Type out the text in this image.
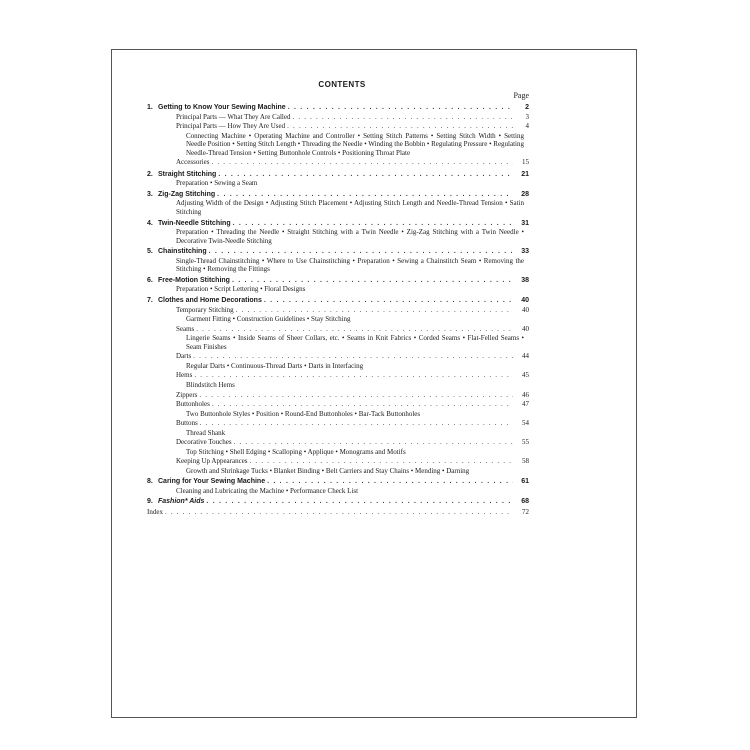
CONTENTS
Page
1. Getting to Know Your Sewing Machine . . .	2
Principal Parts — What They Are Called . . .	3
Principal Parts — How They Are Used . . .	4
Connecting Machine • Operating Machine and Controller • Setting Stitch Patterns • Setting Stitch Width • Setting Needle Position • Setting Stitch Length • Threading the Needle • Winding the Bobbin • Regulating Pressure • Regulating Needle-Thread Tension • Setting Buttonhole Controls • Positioning Throat Plate
Accessories . . .	15
2. Straight Stitching . . .	21
Preparation • Sewing a Seam
3. Zig-Zag Stitching . . .	28
Adjusting Width of the Design • Adjusting Stitch Placement • Adjusting Stitch Length and Needle-Thread Tension • Satin Stitching
4. Twin-Needle Stitching . . .	31
Preparation • Threading the Needle • Straight Stitching with a Twin Needle • Zig-Zag Stitching with a Twin Needle • Decorative Twin-Needle Stitching
5. Chainstitching . . .	33
Single-Thread Chainstitching • Where to Use Chainstitching • Preparation • Sewing a Chainstitch Seam • Removing the Stitching • Removing the Fittings
6. Free-Motion Stitching . . .	38
Preparation • Script Lettering • Floral Designs
7. Clothes and Home Decorations . . .	40
Temporary Stitching . . .	40
Garment Fitting • Construction Guidelines • Stay Stitching
Seams . . .	40
Lingerie Seams • Inside Seams of Sheer Collars, etc. • Seams in Knit Fabrics • Corded Seams • Flat-Felled Seams • Seam Finishes
Darts . . .	44
Regular Darts • Continuous-Thread Darts • Darts in Interfacing
Hems . . .	45
Blindstitch Hems
Zippers . . .	46
Buttonholes . . .	47
Two Buttonhole Styles • Position • Round-End Buttonholes • Bar-Tack Buttonholes
Buttons . . .	54
Thread Shank
Decorative Touches . . .	55
Top Stitching • Shell Edging • Scalloping • Applique • Monograms and Motifs
Keeping Up Appearances . . .	58
Growth and Shrinkage Tucks • Blanket Binding • Belt Carriers and Stay Chains • Mending • Darning
8. Caring for Your Sewing Machine . . .	61
Cleaning and Lubricating the Machine • Performance Check List
9. Fashion* Aids . . .	68
Index . . .	72
